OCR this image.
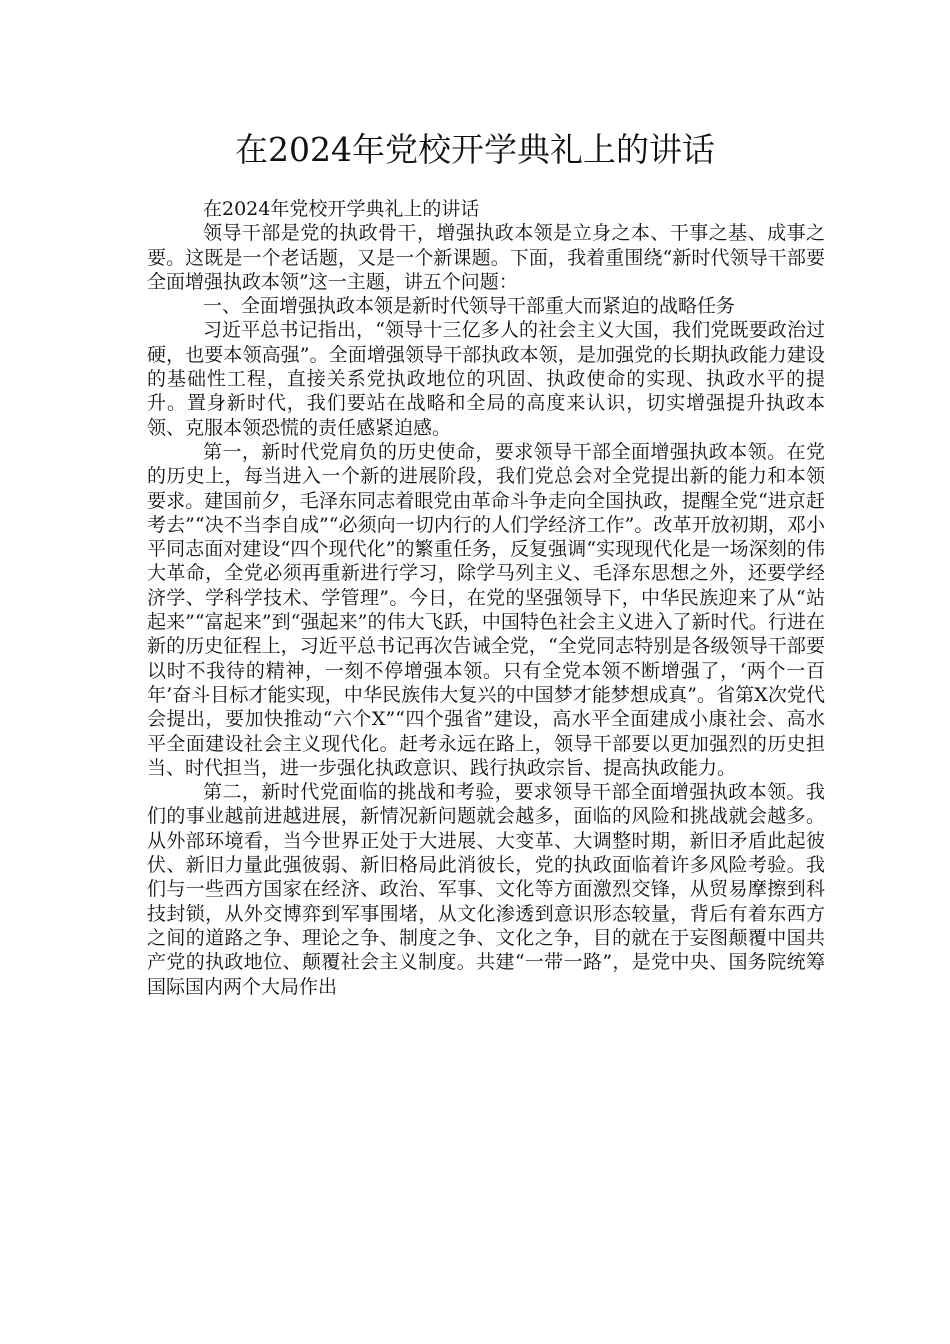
在2024年党校开学典礼上的讲话

在2024年党校开学典礼上的讲话

领导干部是党的执政骨干，增强执政本领是立身之本、干事之基、成事之要。这既是一个老话题，又是一个新课题。下面，我着重围绕“新时代领导干部要全面增强执政本领”这一主题，讲五个问题：

一、全面增强执政本领是新时代领导干部重大而紧迫的战略任务

习近平总书记指出，“领导十三亿多人的社会主义大国，我们党既要政治过硬，也要本领高强”。全面增强领导干部执政本领，是加强党的长期执政能力建设的基础性工程，直接关系党执政地位的巩固、执政使命的实现、执政水平的提升。置身新时代，我们要站在战略和全局的高度来认识，切实增强提升执政本领、克服本领恐慌的责任感紧迫感。

第一，新时代党肩负的历史使命，要求领导干部全面增强执政本领。在党的历史上，每当进入一个新的进展阶段，我们党总会对全党提出新的能力和本领要求。建国前夕，毛泽东同志着眼党由革命斗争走向全国执政，提醒全党“进京赶考去”“决不当李自成”“必须向一切内行的人们学经济工作”。改革开放初期，邓小平同志面对建设“四个现代化”的繁重任务，反复强调“实现现代化是一场深刻的伟大革命，全党必须再重新进行学习，除学马列主义、毛泽东思想之外，还要学经济学、学科学技术、学管理”。今日，在党的坚强领导下，中华民族迎来了从“站起来”“富起来”到“强起来”的伟大飞跃，中国特色社会主义进入了新时代。行进在新的历史征程上，习近平总书记再次告诫全党，“全党同志特别是各级领导干部要以时不我待的精神，一刻不停增强本领。只有全党本领不断增强了，‘两个一百年’奋斗目标才能实现，中华民族伟大复兴的中国梦才能梦想成真”。省第X次党代会提出，要加快推动“六个X”“四个强省”建设，高水平全面建成小康社会、高水平全面建设社会主义现代化。赶考永远在路上，领导干部要以更加强烈的历史担当、时代担当，进一步强化执政意识、践行执政宗旨、提高执政能力。

第二，新时代党面临的挑战和考验，要求领导干部全面增强执政本领。我们的事业越前进越进展，新情况新问题就会越多，面临的风险和挑战就会越多。从外部环境看，当今世界正处于大进展、大变革、大调整时期，新旧矛盾此起彼伏、新旧力量此强彼弱、新旧格局此消彼长，党的执政面临着许多风险考验。我们与一些西方国家在经济、政治、军事、文化等方面激烈交锋，从贸易摩擦到科技封锁，从外交博弈到军事围堵，从文化渗透到意识形态较量，背后有着东西方之间的道路之争、理论之争、制度之争、文化之争，目的就在于妄图颠覆中国共产党的执政地位、颠覆社会主义制度。共建“一带一路”，是党中央、国务院统筹国际国内两个大局作出
